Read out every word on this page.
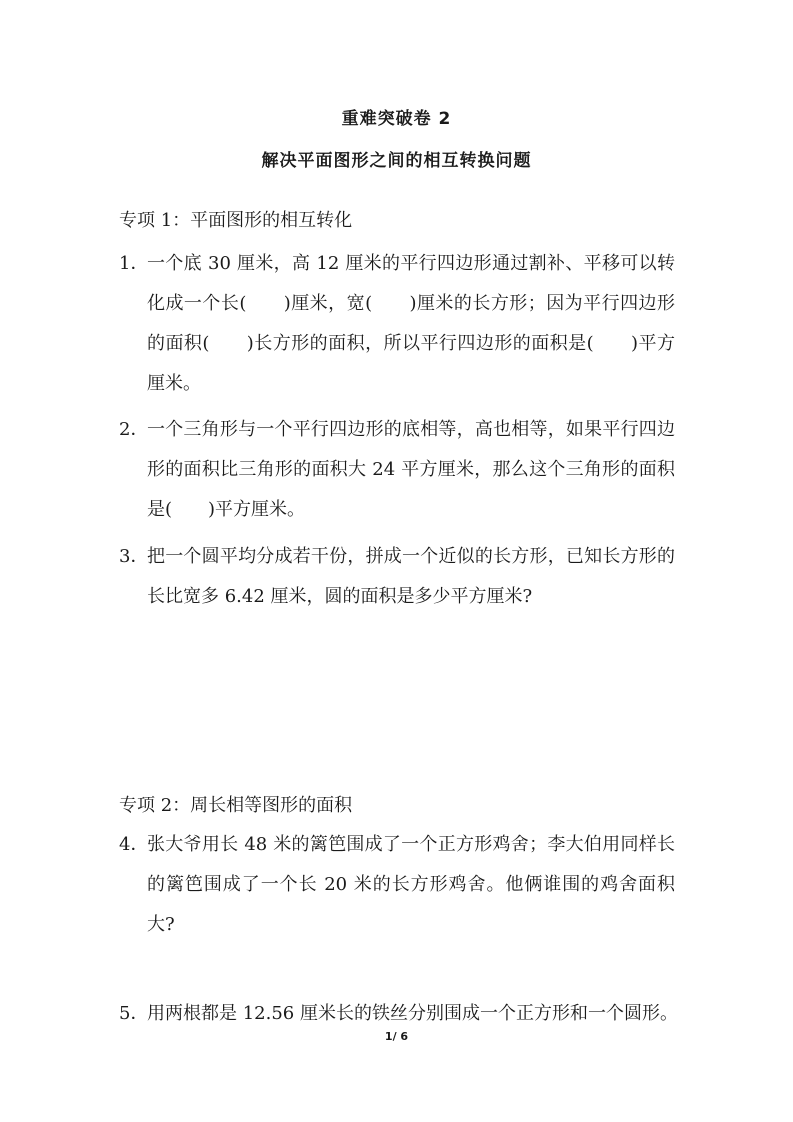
重难突破卷 2
解决平面图形之间的相互转换问题

专项 1：平面图形的相互转化

1．
一个底 30 厘米，高 12 厘米的平行四边形通过割补、平移可以转化成一个长(　　)厘米，宽(　　)厘米的长方形；因为平行四边形的面积(　　)长方形的面积，所以平行四边形的面积是(　　)平方厘米。
2．
一个三角形与一个平行四边形的底相等，高也相等，如果平行四边形的面积比三角形的面积大 24 平方厘米，那么这个三角形的面积是(　　)平方厘米。
3．
把一个圆平均分成若干份，拼成一个近似的长方形，已知长方形的长比宽多 6.42 厘米，圆的面积是多少平方厘米?

专项 2：周长相等图形的面积

4．
张大爷用长 48 米的篱笆围成了一个正方形鸡舍；李大伯用同样长的篱笆围成了一个长 20 米的长方形鸡舍。他俩谁围的鸡舍面积大?
5．
用两根都是 12.56 厘米长的铁丝分别围成一个正方形和一个圆形。

1/ 6
